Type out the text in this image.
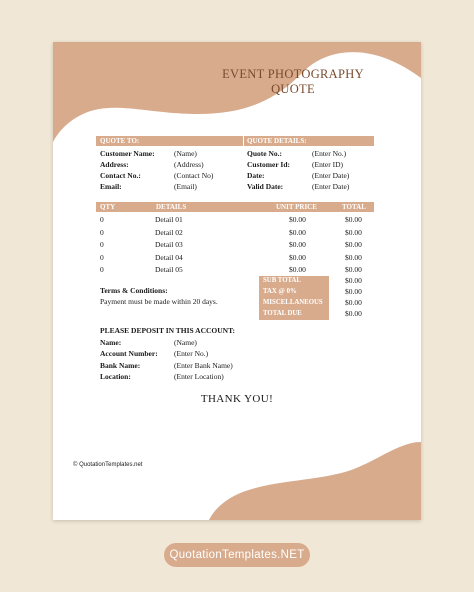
EVENT PHOTOGRAPHY
QUOTE
QUOTE TO:	QUOTE DETAILS:
Customer Name:	(Name)
Address:	(Address)
Contact No.:	(Contact No)
Email:	(Email)
Quote No.:	(Enter No.)
Customer Id:	(Enter ID)
Date:	(Enter Date)
Valid Date:	(Enter Date)
QTY	DETAILS	UNIT PRICE	TOTAL
0	Detail 01	$0.00	$0.00
0	Detail 02	$0.00	$0.00
0	Detail 03	$0.00	$0.00
0	Detail 04	$0.00	$0.00
0	Detail 05	$0.00	$0.00
SUB TOTAL	$0.00
TAX @ 0%	$0.00
MISCELLANEOUS	$0.00
TOTAL DUE	$0.00
Terms & Conditions:
Payment must be made within 20 days.
PLEASE DEPOSIT IN THIS ACCOUNT:
Name:	(Name)
Account Number: (Enter No.)
Bank Name:	(Enter Bank Name)
Location:	(Enter Location)
THANK YOU!
© QuotationTemplates.net
QuotationTemplates.NET
